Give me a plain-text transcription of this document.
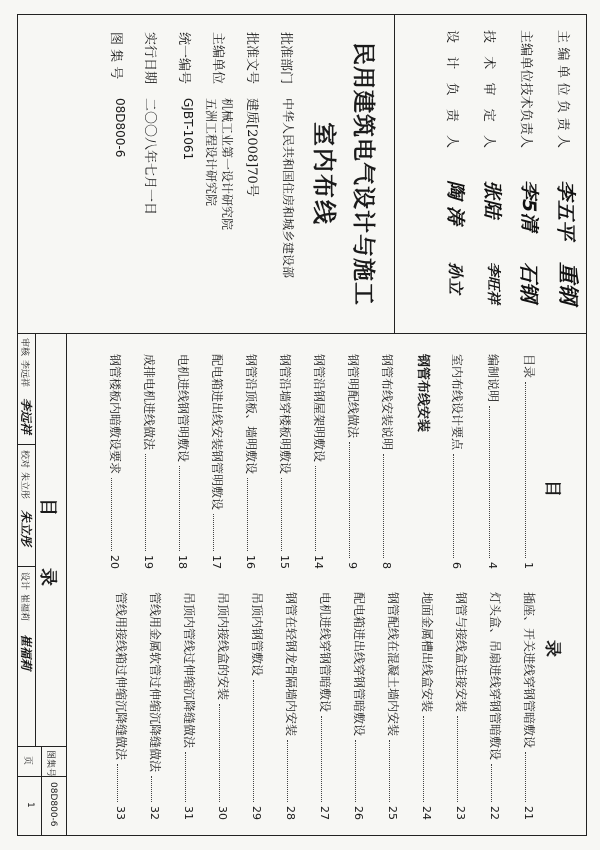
主编单位负责人
李五平
重钢
主编单位技术负责人
李5清
石钢
技术审定人
张陆
李旺祥
设计负责人
陶 涛
孙立
民用建筑电气设计与施工
室内布线
批准部门
中华人民共和国住房和城乡建设部
批准文号
建质[2008]70号
主编单位
机械工业第一设计研究院
五洲工程设计研究院
统一编号
GJBT-1061
实行日期
二〇〇八年七月一日
图 集 号
08D800-6
目
录
目录
1
编制说明
4
室内布线设计要点
6
钢管布线安装
钢管布线安装说明
8
钢管明配线做法
9
钢管沿钢屋架明敷设
14
钢管沿墙穿楼板明敷设
15
钢管沿顶板、墙明敷设
16
配电箱进出线安装钢管明敷设
17
电机进线钢管明敷设
18
成排电机进线做法
19
钢管楼板内暗敷设要求
20
插座、开关进线穿钢管暗敷设
21
灯头盒、吊扇进线穿钢管暗敷设
22
钢管与接线盒连接安装
23
地面金属槽出线盒安装
24
钢管配线在混凝土墙内安装
25
配电箱进出线穿钢管暗敷设
26
电机进线穿钢管暗敷设
27
钢管在轻钢龙骨隔墙内安装
28
吊顶内钢管敷设
29
吊顶内接线盒的安装
30
吊顶内管线过伸缩沉降缝做法
31
管线用金属软管过伸缩沉降缝做法
32
管线用接线箱过伸缩沉降缝做法
33
目
录
审核
李远祥
李远祥
校对
朱立彤
朱立彤
设计
崔福莉
崔福莉
图集号
08D800-6
页
1
